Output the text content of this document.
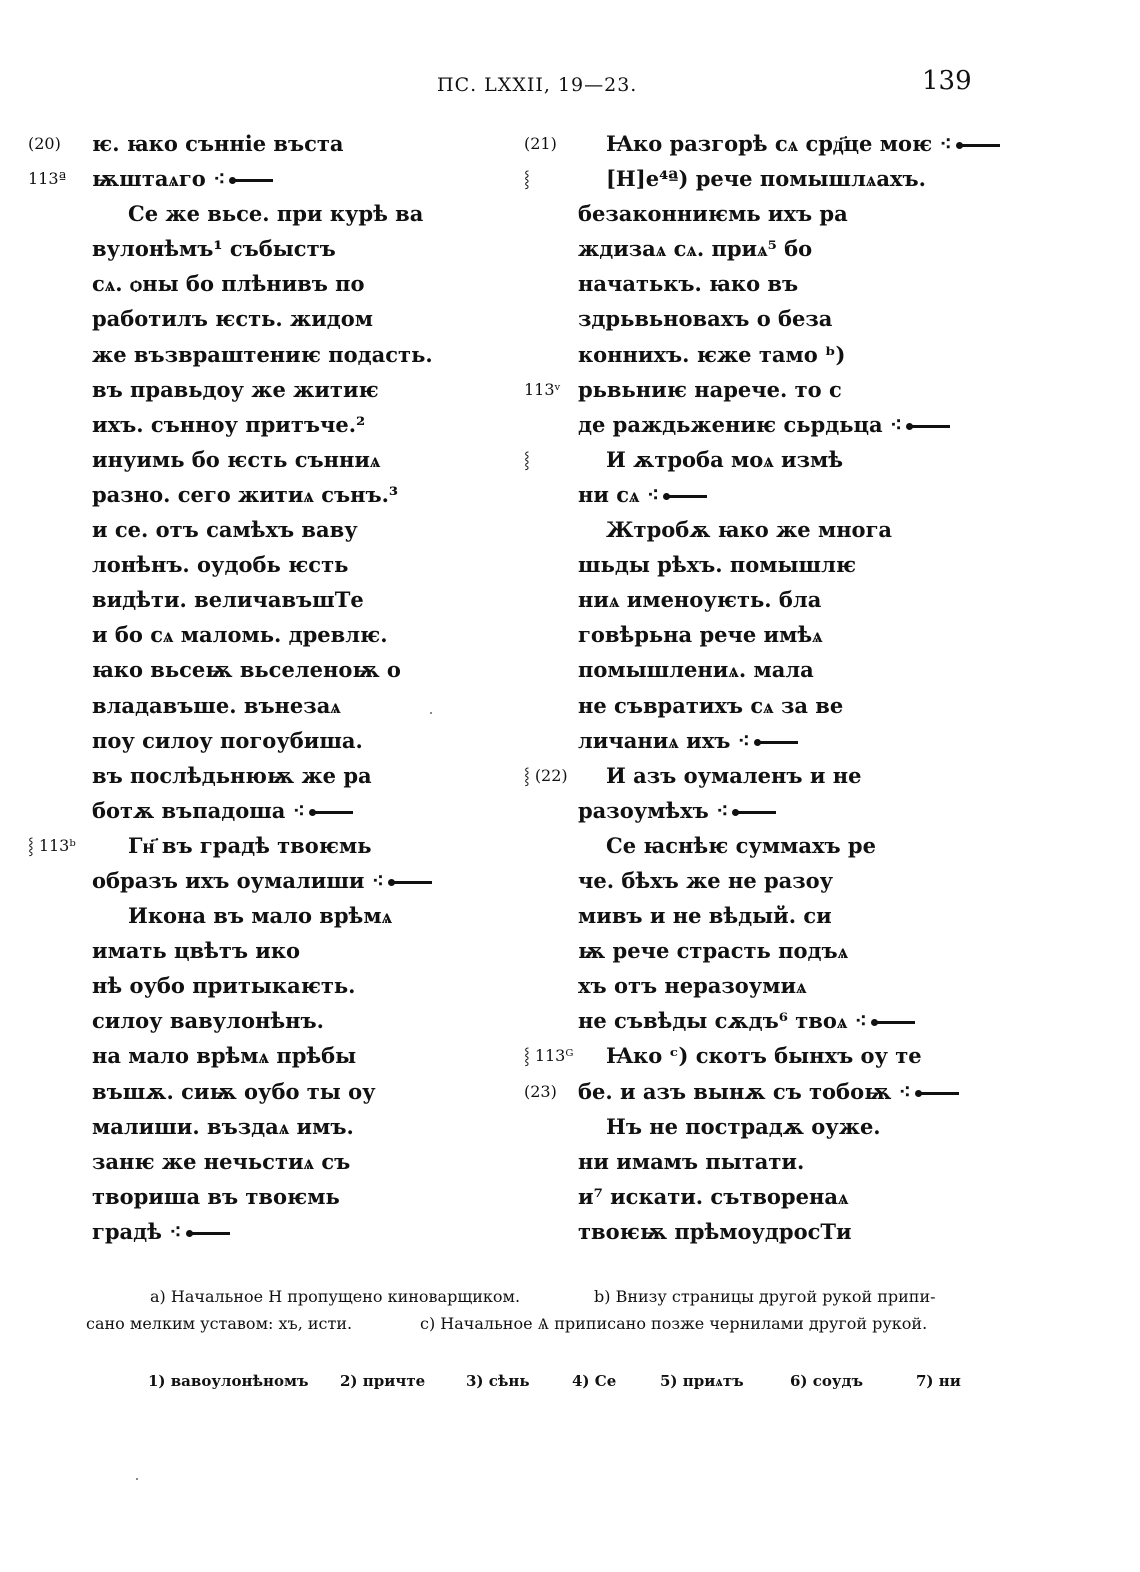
ПС. LXXII, 19—23.	139
(20) ѥ. ꙗко сънніе въста
113ª ѭштаѧго ⁖
Се же вьсе. при курѣ ва
вулонѣмъ¹ събыстъ
сѧ. ѻны бо плѣнивъ по
работилъ ѥсть. жидом
же възвраштениѥ подасть.
въ правьдоу же житиѥ
ихъ. сънноу притъче.²
инуимь бо ѥсть сънниѧ
разно. сего житиѧ сънъ.³
и се. отъ самѣхъ ваву
лонѣнъ. оудобь ѥсть
видѣти. величавъшТе
и бо сѧ маломь. древлѥ.
ꙗко вьсеѭ вьселеноѭ о
владавъше. вънезаѧ
поу силоу погоубиша.
въ послѣдьнюѭ же ра
ботѫ въпадоша ⁖
⸾ 113ᵇ Гн҃ въ градѣ твоѥмь
образъ ихъ оумалиши ⁖
Икона въ мало врѣмѧ
имать цвѣтъ ико
нѣ оубо притыкаѥть.
силоу вавулонѣнъ.
на мало врѣмѧ прѣбы
въшѫ. сиѭ оубо ты оу
малиши. въздаѧ имъ.
занѥ же нечьстиѧ съ
твориша въ твоѥмь
градѣ ⁖
(21) Ꙗко разгорѣ сѧ срд҃це моѥ ⁖
⸾	[Н]е⁴ª) рече помышлѧахъ.
безаконниѥмь ихъ ра
ждизаѧ сѧ. приѧ⁵ бо
начатькъ. ꙗко въ
здрьвьновахъ о беза
коннихъ. ѥже тамо ᵇ)
113ᵛ рьвьниѥ нарече. то с
де раждьжениѥ сьрдьца ⁖
⸾	И ѫтроба моѧ измѣ
ни сѧ ⁖
Жтробѫ ꙗко же многа
шьды рѣхъ. помышлѥ
ниѧ именоуѥть. бла
говѣрьна рече имѣѧ
помышлениѧ. мала
не съвратихъ сѧ за ве
личаниѧ ихъ ⁖
⸾ (22) И азъ оумаленъ и не
разоумѣхъ ⁖
Се ꙗснѣѥ суммахъ ре
че. бѣхъ же не разоу
мивъ и не вѣдый. си
ѭ рече страсть подъѧ
хъ отъ неразоумиѧ
не съвѣды сѫдъ⁶ твоѧ ⁖
⸾ 113ᴳ Ꙗко ᶜ) скотъ бынхъ оу те
(23) бе. и азъ вынѫ съ тобоѭ ⁖
Нъ не пострадѫ оуже.
ни имамъ пытати.
и⁷ искати. сътворенаѧ
твоѥѭ прѣмоудросТи
а) Начальное Н пропущено киноварщиком.	b) Внизу страницы другой рукой припи-
сано мелким уставом: хъ, исти.	с) Начальное Ѧ приписано позже чернилами другой рукой.
1) вавоулонѣномъ 2) причте	3) сѣнь	4) Се	5) приѧтъ	6) соудъ	7) ни
